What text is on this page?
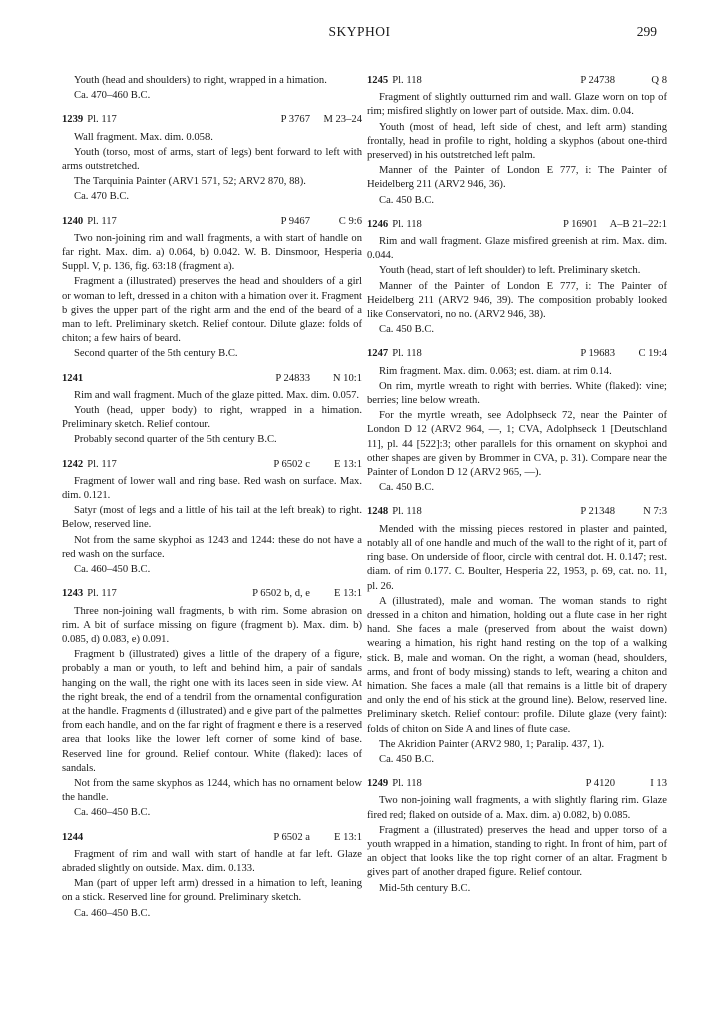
SKYPHOI	299

Youth (head and shoulders) to right, wrapped in a himation.

Ca. 470–460 B.C.

1239 Pl. 117	P 3767 M 23–24

Wall fragment. Max. dim. 0.058.

Youth (torso, most of arms, start of legs) bent forward to left with arms outstretched.

The Tarquinia Painter (ARV1 571, 52; ARV2 870, 88).

Ca. 470 B.C.

1240 Pl. 117	P 9467	C 9:6

Two non-joining rim and wall fragments, a with start of handle on far right. Max. dim. a) 0.064, b) 0.042. W. B. Dinsmoor, Hesperia Suppl. V, p. 136, fig. 63:18 (fragment a).

Fragment a (illustrated) preserves the head and shoulders of a girl or woman to left, dressed in a chiton with a himation over it. Fragment b gives the upper part of the right arm and the end of the beard of a man to left. Preliminary sketch. Relief contour. Dilute glaze: folds of chiton; a few hairs of beard.

Second quarter of the 5th century B.C.

1241	P 24833	N 10:1

Rim and wall fragment. Much of the glaze pitted. Max. dim. 0.057.

Youth (head, upper body) to right, wrapped in a himation. Preliminary sketch. Relief contour.

Probably second quarter of the 5th century B.C.

1242 Pl. 117	P 6502 c	E 13:1

Fragment of lower wall and ring base. Red wash on surface. Max. dim. 0.121.

Satyr (most of legs and a little of his tail at the left break) to right. Below, reserved line.

Not from the same skyphoi as 1243 and 1244: these do not have a red wash on the surface.

Ca. 460–450 B.C.

1243 Pl. 117	P 6502 b, d, e	E 13:1

Three non-joining wall fragments, b with rim. Some abrasion on rim. A bit of surface missing on figure (fragment b). Max. dim. b) 0.085, d) 0.083, e) 0.091.

Fragment b (illustrated) gives a little of the drapery of a figure, probably a man or youth, to left and behind him, a pair of sandals hanging on the wall, the right one with its laces seen in side view. At the right break, the end of a tendril from the ornamental configuration at the handle. Fragments d (illustrated) and e give part of the palmettes from each handle, and on the far right of fragment e there is a reserved area that looks like the lower left corner of some kind of base. Reserved line for ground. Relief contour. White (flaked): laces of sandals.

Not from the same skyphos as 1244, which has no ornament below the handle.

Ca. 460–450 B.C.

1244	P 6502 a	E 13:1

Fragment of rim and wall with start of handle at far left. Glaze abraded slightly on outside. Max. dim. 0.133.

Man (part of upper left arm) dressed in a himation to left, leaning on a stick. Reserved line for ground. Preliminary sketch.

Ca. 460–450 B.C.

1245 Pl. 118	P 24738	Q 8

Fragment of slightly outturned rim and wall. Glaze worn on top of rim; misfired slightly on lower part of outside. Max. dim. 0.04.

Youth (most of head, left side of chest, and left arm) standing frontally, head in profile to right, holding a skyphos (about one-third preserved) in his outstretched left palm.

Manner of the Painter of London E 777, i: The Painter of Heidelberg 211 (ARV2 946, 36).

Ca. 450 B.C.

1246 Pl. 118	P 16901 A–B 21–22:1

Rim and wall fragment. Glaze misfired greenish at rim. Max. dim. 0.044.

Youth (head, start of left shoulder) to left. Preliminary sketch.

Manner of the Painter of London E 777, i: The Painter of Heidelberg 211 (ARV2 946, 39). The composition probably looked like Conservatori, no no. (ARV2 946, 38).

Ca. 450 B.C.

1247 Pl. 118	P 19683	C 19:4

Rim fragment. Max. dim. 0.063; est. diam. at rim 0.14.

On rim, myrtle wreath to right with berries. White (flaked): vine; berries; line below wreath.

For the myrtle wreath, see Adolphseck 72, near the Painter of London D 12 (ARV2 964, —, 1; CVA, Adolphseck 1 [Deutschland 11], pl. 44 [522]:3; other parallels for this ornament on skyphoi and other shapes are given by Brommer in CVA, p. 31). Compare near the Painter of London D 12 (ARV2 965, —).

Ca. 450 B.C.

1248 Pl. 118	P 21348	N 7:3

Mended with the missing pieces restored in plaster and painted, notably all of one handle and much of the wall to the right of it, part of ring base. On underside of floor, circle with central dot. H. 0.147; rest. diam. of rim 0.177. C. Boulter, Hesperia 22, 1953, p. 69, cat. no. 11, pl. 26.

A (illustrated), male and woman. The woman stands to right dressed in a chiton and himation, holding out a flute case in her right hand. She faces a male (preserved from about the waist down) wearing a himation, his right hand resting on the top of a walking stick. B, male and woman. On the right, a woman (head, shoulders, arms, and front of body missing) stands to left, wearing a chiton and himation. She faces a male (all that remains is a little bit of drapery and only the end of his stick at the ground line). Below, reserved line. Preliminary sketch. Relief contour: profile. Dilute glaze (very faint): folds of chiton on Side A and lines of flute case.

The Akridion Painter (ARV2 980, 1; Paralip. 437, 1).

Ca. 450 B.C.

1249 Pl. 118	P 4120	I 13

Two non-joining wall fragments, a with slightly flaring rim. Glaze fired red; flaked on outside of a. Max. dim. a) 0.082, b) 0.085.

Fragment a (illustrated) preserves the head and upper torso of a youth wrapped in a himation, standing to right. In front of him, part of an object that looks like the top right corner of an altar. Fragment b gives part of another draped figure. Relief contour.

Mid-5th century B.C.
